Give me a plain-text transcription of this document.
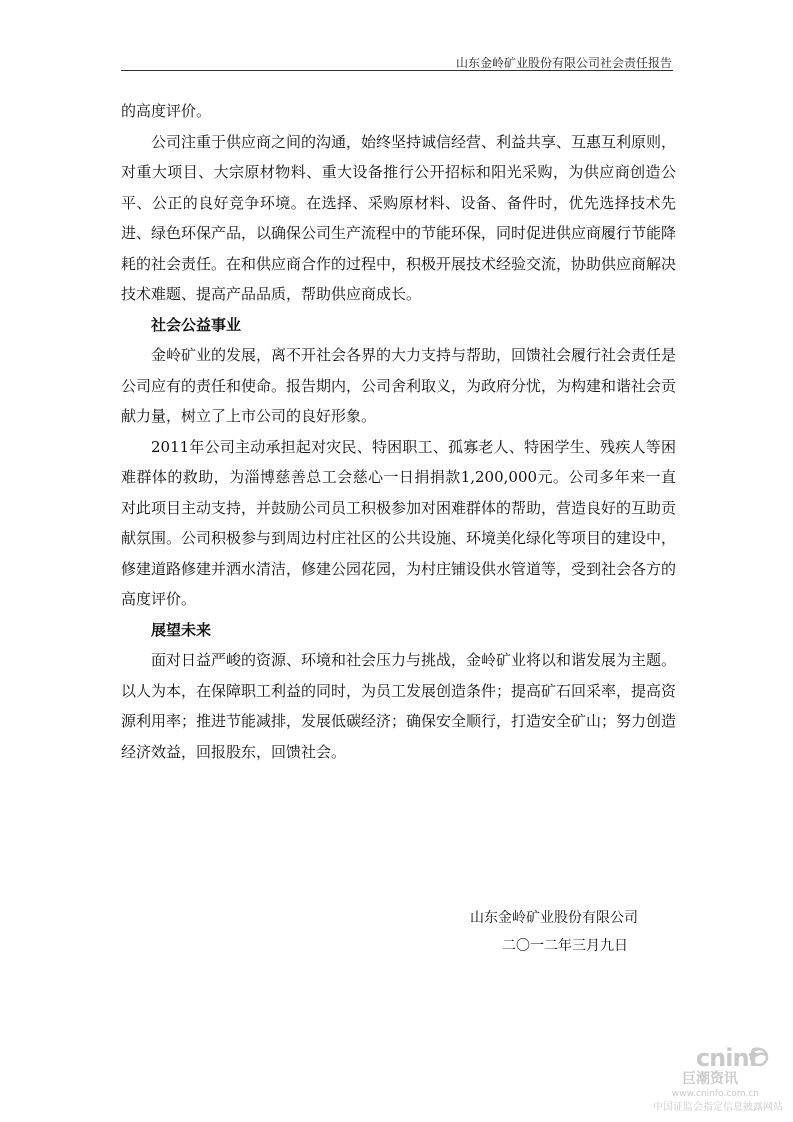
山东金岭矿业股份有限公司社会责任报告

的高度评价。

公司注重于供应商之间的沟通，始终坚持诚信经营、利益共享、互惠互利原则，对重大项目、大宗原材物料、重大设备推行公开招标和阳光采购，为供应商创造公平、公正的良好竞争环境。在选择、采购原材料、设备、备件时，优先选择技术先进、绿色环保产品，以确保公司生产流程中的节能环保，同时促进供应商履行节能降耗的社会责任。在和供应商合作的过程中，积极开展技术经验交流，协助供应商解决技术难题、提高产品品质，帮助供应商成长。

社会公益事业

金岭矿业的发展，离不开社会各界的大力支持与帮助，回馈社会履行社会责任是公司应有的责任和使命。报告期内，公司舍利取义，为政府分忧，为构建和谐社会贡献力量，树立了上市公司的良好形象。

2011年公司主动承担起对灾民、特困职工、孤寡老人、特困学生、残疾人等困难群体的救助，为淄博慈善总工会慈心一日捐捐款1,200,000元。公司多年来一直对此项目主动支持，并鼓励公司员工积极参加对困难群体的帮助，营造良好的互助贡献氛围。公司积极参与到周边村庄社区的公共设施、环境美化绿化等项目的建设中，修建道路修建并洒水清洁，修建公园花园，为村庄铺设供水管道等，受到社会各方的高度评价。

展望未来

面对日益严峻的资源、环境和社会压力与挑战，金岭矿业将以和谐发展为主题。以人为本，在保障职工利益的同时，为员工发展创造条件；提高矿石回采率，提高资源利用率；推进节能减排，发展低碳经济；确保安全顺行，打造安全矿山；努力创造经济效益，回报股东，回馈社会。

山东金岭矿业股份有限公司
二〇一二年三月九日
cninf
巨潮资讯
www.cninfo.com.cn
中国证监会指定信息披露网站
